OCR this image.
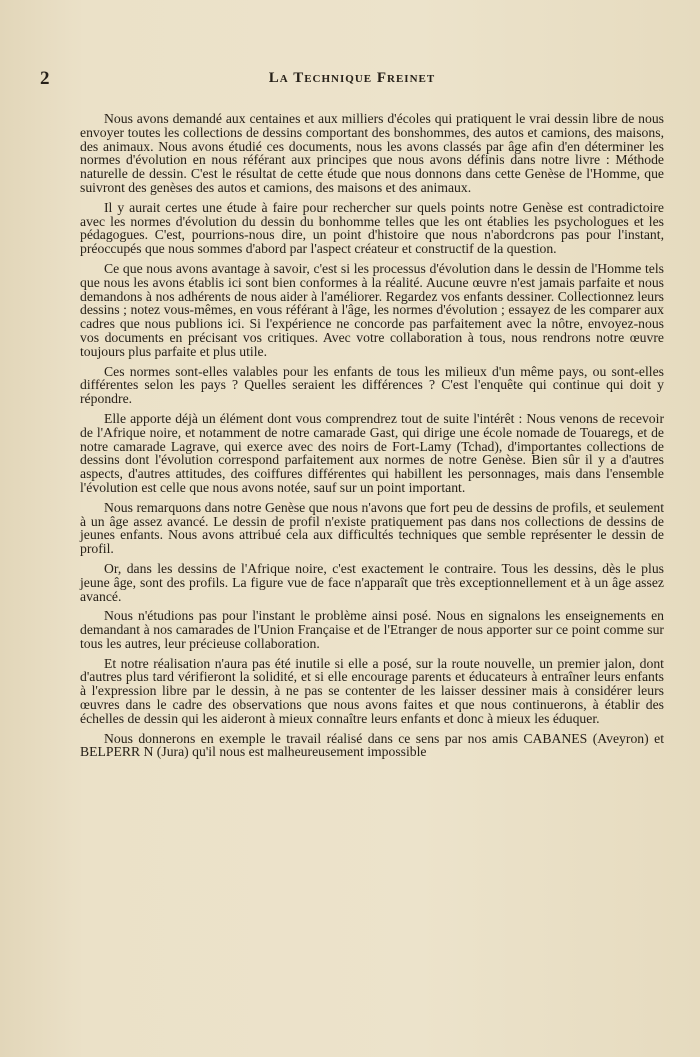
2	La Technique Freinet

Nous avons demandé aux centaines et aux milliers d'écoles qui pratiquent le vrai dessin libre de nous envoyer toutes les collections de dessins comportant des bonshommes, des autos et camions, des maisons, des animaux. Nous avons étudié ces documents, nous les avons classés par âge afin d'en déterminer les normes d'évolution en nous référant aux principes que nous avons définis dans notre livre : Méthode naturelle de dessin. C'est le résultat de cette étude que nous donnons dans cette Genèse de l'Homme, que suivront des genèses des autos et camions, des maisons et des animaux.

Il y aurait certes une étude à faire pour rechercher sur quels points notre Genèse est contradictoire avec les normes d'évolution du dessin du bonhomme telles que les ont établies les psychologues et les pédagogues. C'est, pourrions-nous dire, un point d'histoire que nous n'abordcrons pas pour l'instant, préoccupés que nous sommes d'abord par l'aspect créateur et constructif de la question.

Ce que nous avons avantage à savoir, c'est si les processus d'évolution dans le dessin de l'Homme tels que nous les avons établis ici sont bien conformes à la réalité. Aucune œuvre n'est jamais parfaite et nous demandons à nos adhérents de nous aider à l'améliorer. Regardez vos enfants dessiner. Collectionnez leurs dessins ; notez vous-mêmes, en vous référant à l'âge, les normes d'évolution ; essayez de les comparer aux cadres que nous publions ici. Si l'expérience ne concorde pas parfaitement avec la nôtre, envoyez-nous vos documents en précisant vos critiques. Avec votre collaboration à tous, nous rendrons notre œuvre toujours plus parfaite et plus utile.

Ces normes sont-elles valables pour les enfants de tous les milieux d'un même pays, ou sont-elles différentes selon les pays ? Quelles seraient les différences ? C'est l'enquête qui continue qui doit y répondre.

Elle apporte déjà un élément dont vous comprendrez tout de suite l'intérêt : Nous venons de recevoir de l'Afrique noire, et notamment de notre camarade Gast, qui dirige une école nomade de Touaregs, et de notre camarade Lagrave, qui exerce avec des noirs de Fort-Lamy (Tchad), d'importantes collections de dessins dont l'évolution correspond parfaitement aux normes de notre Genèse. Bien sûr il y a d'autres aspects, d'autres attitudes, des coiffures différentes qui habillent les personnages, mais dans l'ensemble l'évolution est celle que nous avons notée, sauf sur un point important.

Nous remarquons dans notre Genèse que nous n'avons que fort peu de dessins de profils, et seulement à un âge assez avancé. Le dessin de profil n'existe pratiquement pas dans nos collections de dessins de jeunes enfants. Nous avons attribué cela aux difficultés techniques que semble représenter le dessin de profil.

Or, dans les dessins de l'Afrique noire, c'est exactement le contraire. Tous les dessins, dès le plus jeune âge, sont des profils. La figure vue de face n'apparaît que très exceptionnellement et à un âge assez avancé.

Nous n'étudions pas pour l'instant le problème ainsi posé. Nous en signalons les enseignements en demandant à nos camarades de l'Union Française et de l'Etranger de nous apporter sur ce point comme sur tous les autres, leur précieuse collaboration.

Et notre réalisation n'aura pas été inutile si elle a posé, sur la route nouvelle, un premier jalon, dont d'autres plus tard vérifieront la solidité, et si elle encourage parents et éducateurs à entraîner leurs enfants à l'expression libre par le dessin, à ne pas se contenter de les laisser dessiner mais à considérer leurs œuvres dans le cadre des observations que nous avons faites et que nous continuerons, à établir des échelles de dessin qui les aideront à mieux connaître leurs enfants et donc à mieux les éduquer.

Nous donnerons en exemple le travail réalisé dans ce sens par nos amis CABANES (Aveyron) et BELPERR N (Jura) qu'il nous est malheureusement impossible
